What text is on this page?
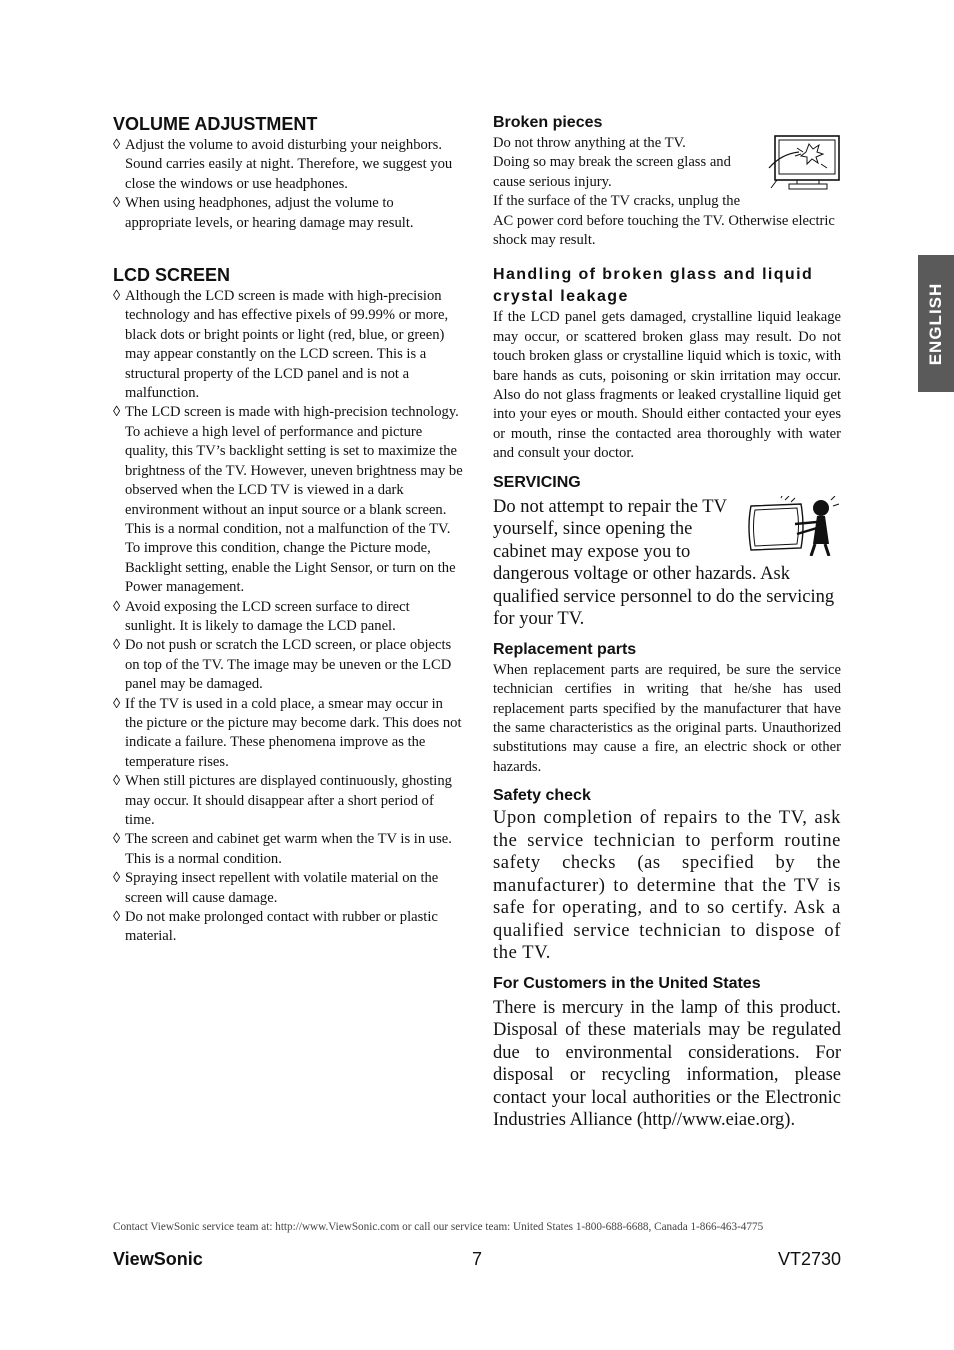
VOLUME ADJUSTMENT
◊ Adjust the volume to avoid disturbing your neighbors. Sound carries easily at night. Therefore, we suggest you close the windows or use headphones.
◊ When using headphones, adjust the volume to appropriate levels, or hearing damage may result.
LCD SCREEN
◊ Although the LCD screen is made with high-precision technology and has effective pixels of 99.99% or more, black dots or bright points or light (red, blue, or green) may appear constantly on the LCD screen. This is a structural property of the LCD panel and is not a malfunction.
◊ The LCD screen is made with high-precision technology. To achieve a high level of performance and picture quality, this TV’s backlight setting is set to maximize the brightness of the TV. However, uneven brightness may be observed when the LCD TV is viewed in a dark environment without an input source or a blank screen. This is a normal condition, not a malfunction of the TV. To improve this condition, change the Picture mode, Backlight setting, enable the Light Sensor, or turn on the Power management.
◊ Avoid exposing the LCD screen surface to direct sunlight. It is likely to damage the LCD panel.
◊ Do not push or scratch the LCD screen, or place objects on top of the TV. The image may be uneven or the LCD panel may be damaged.
◊ If the TV is used in a cold place, a smear may occur in the picture or the picture may become dark. This does not indicate a failure. These phenomena improve as the temperature rises.
◊ When still pictures are displayed continuously, ghosting may occur. It should disappear after a short period of time.
◊ The screen and cabinet get warm when the TV is in use. This is a normal condition.
◊ Spraying insect repellent with volatile material on the screen will cause damage.
◊ Do not make prolonged contact with rubber or plastic material.
Broken pieces

Do not throw anything at the TV.

Doing so may break the screen glass and cause serious injury.

If the surface of the TV cracks, unplug the AC power cord before touching the TV. Otherwise electric shock may result.

Handling of broken glass and liquid crystal leakage

If the LCD panel gets damaged, crystalline liquid leakage may occur, or scattered broken glass may result. Do not touch broken glass or crystalline liquid which is toxic, with bare hands as cuts, poisoning or skin irritation may occur. Also do not glass fragments or leaked crystalline liquid get into your eyes or mouth. Should either contacted your eyes or mouth, rinse the contacted area thoroughly with water and consult your doctor.

SERVICING

Do not attempt to repair the TV yourself, since opening the cabinet may expose you to dangerous voltage or other hazards. Ask qualified service personnel to do the servicing for your TV.

Replacement parts

When replacement parts are required, be sure the service technician certifies in writing that he/she has used replacement parts specified by the manufacturer that have the same characteristics as the original parts. Unauthorized substitutions may cause a fire, an electric shock or other hazards.

Safety check

Upon completion of repairs to the TV, ask the service technician to perform routine safety checks (as specified by the manufacturer) to determine that the TV is safe for operating, and to so certify. Ask a qualified service technician to dispose of the TV.

For Customers in the United States

There is mercury in the lamp of this product. Disposal of these materials may be regulated due to environmental considerations. For disposal or recycling information, please contact your local authorities or the Electronic Industries Alliance (http//www.eiae.org).

ENGLISH
Contact ViewSonic service team at: http://www.ViewSonic.com or call our service team: United States 1-800-688-6688, Canada 1-866-463-4775
ViewSonic	7	VT2730
